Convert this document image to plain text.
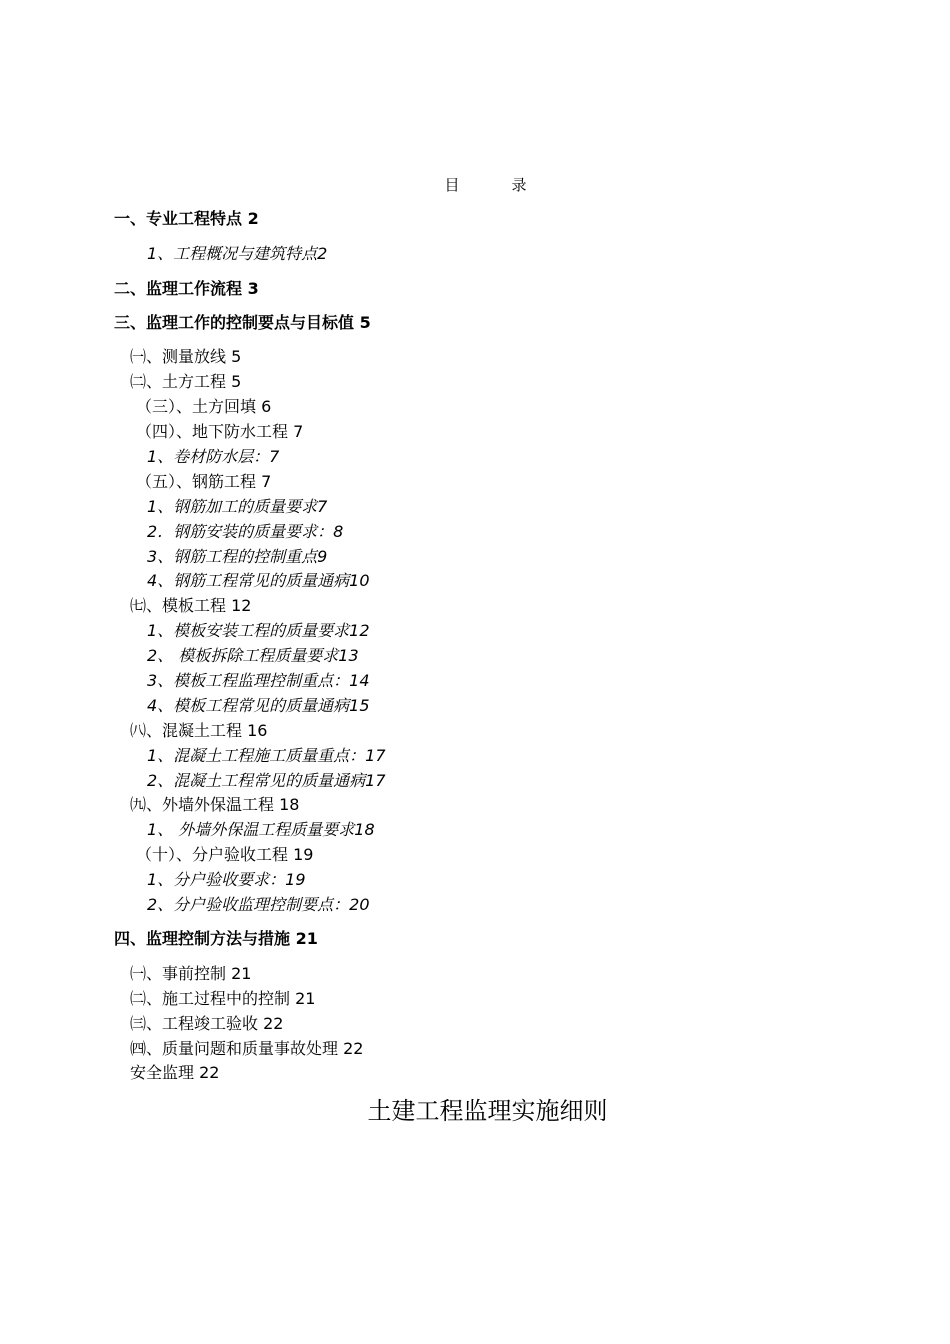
目	录
一、专业工程特点 2
1、工程概况与建筑特点2
二、监理工作流程 3
三、监理工作的控制要点与目标值 5
㈠、测量放线 5
㈡、土方工程 5
（三）、土方回填 6
（四）、地下防水工程 7
1、卷材防水层：7
（五）、钢筋工程 7
1、钢筋加工的质量要求7
2．钢筋安装的质量要求：8
3、钢筋工程的控制重点9
4、钢筋工程常见的质量通病10
㈦、模板工程 12
1、模板安装工程的质量要求12
2、 模板拆除工程质量要求13
3、模板工程监理控制重点：14
4、模板工程常见的质量通病15
㈧、混凝土工程 16
1、混凝土工程施工质量重点：17
2、混凝土工程常见的质量通病17
㈨、外墙外保温工程 18
1、 外墙外保温工程质量要求18
（十）、分户验收工程 19
1、分户验收要求：19
2、分户验收监理控制要点：20
四、监理控制方法与措施 21
㈠、事前控制 21
㈡、施工过程中的控制 21
㈢、工程竣工验收 22
㈣、质量问题和质量事故处理 22
安全监理 22
土建工程监理实施细则
